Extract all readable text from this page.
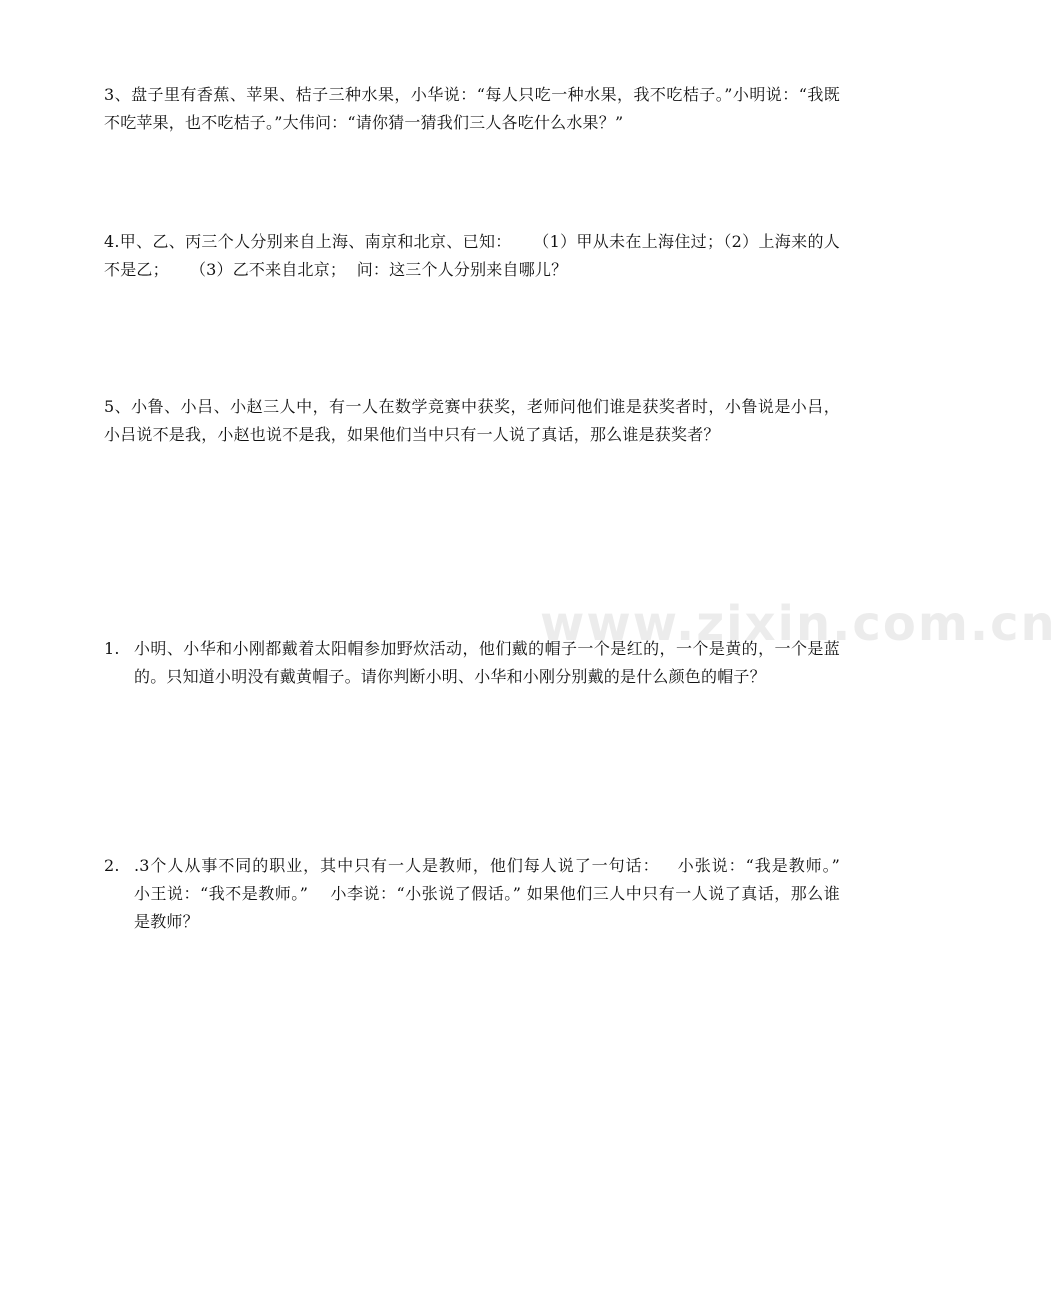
3、盘子里有香蕉、苹果、桔子三种水果，小华说：“每人只吃一种水果，我不吃桔子。”小明说：“我既不吃苹果，也不吃桔子。”大伟问：“请你猜一猜我们三人各吃什么水果？”
4.甲、乙、丙三个人分别来自上海、南京和北京、已知：    （1）甲从未在上海住过；（2）上海来的人不是乙；    （3）乙不来自北京；  问：这三个人分别来自哪儿？
5、小鲁、小吕、小赵三人中，有一人在数学竞赛中获奖，老师问他们谁是获奖者时，小鲁说是小吕，小吕说不是我，小赵也说不是我，如果他们当中只有一人说了真话，那么谁是获奖者？
1. 小明、小华和小刚都戴着太阳帽参加野炊活动，他们戴的帽子一个是红的，一个是黄的，一个是蓝的。只知道小明没有戴黄帽子。请你判断小明、小华和小刚分别戴的是什么颜色的帽子？
2. .3个人从事不同的职业，其中只有一人是教师，他们每人说了一句话：   小张说：“我是教师。”    小王说：“我不是教师。”    小李说：“小张说了假话。” 如果他们三人中只有一人说了真话，那么谁是教师？
www.zixin.com.cn
